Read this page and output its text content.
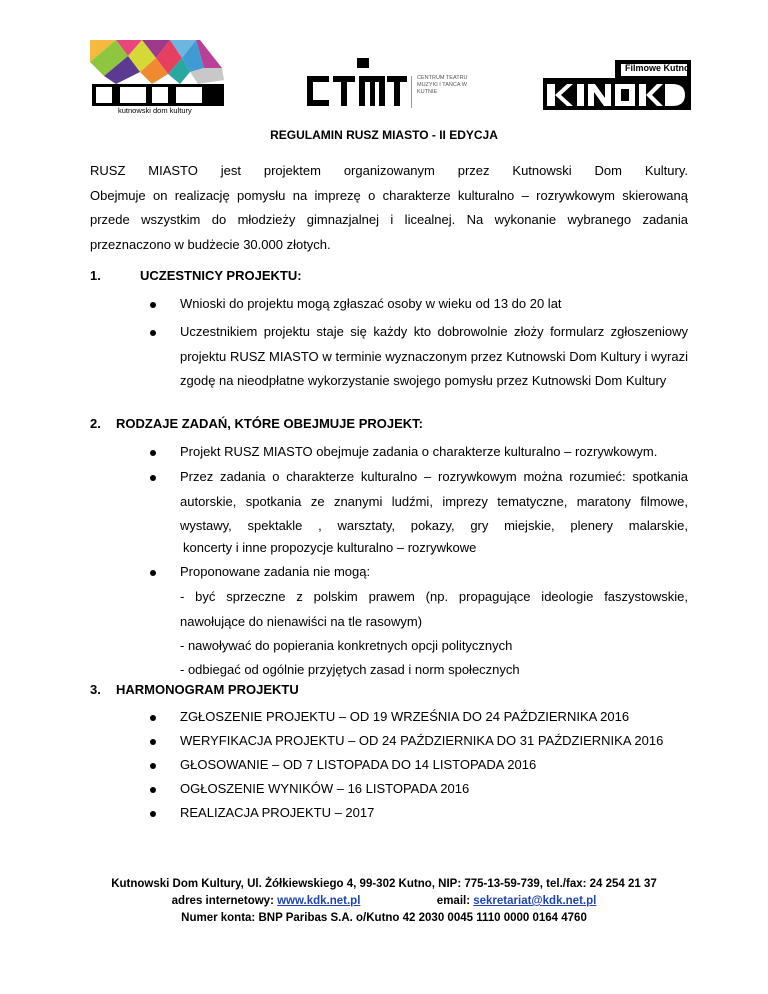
kutnowski dom kultury
CENTRUM TEATRU MUZYKI I TAŃCA W KUTNIE
Filmowe Kutno
REGULAMIN RUSZ MIASTO - II EDYCJA
RUSZ MIASTO jest projektem organizowanym przez Kutnowski Dom Kultury.

Obejmuje on realizację pomysłu na imprezę o charakterze kulturalno – rozrywkowym skierowaną przede wszystkim do młodzieży gimnazjalnej i licealnej. Na wykonanie wybranego zadania przeznaczono w budżecie 30.000 złotych.

1.	UCZESTNICY PROJEKTU:
Wnioski do projektu mogą zgłaszać osoby w wieku od 13 do 20 lat
Uczestnikiem projektu staje się każdy kto dobrowolnie złoży formularz zgłoszeniowy projektu RUSZ MIASTO w terminie wyznaczonym przez Kutnowski Dom Kultury i wyrazi zgodę na nieodpłatne wykorzystanie swojego pomysłu przez Kutnowski Dom Kultury
2. RODZAJE ZADAŃ, KTÓRE OBEJMUJE PROJEKT:
Projekt RUSZ MIASTO obejmuje zadania o charakterze kulturalno – rozrywkowym.
Przez zadania o charakterze kulturalno – rozrywkowym można rozumieć: spotkania autorskie, spotkania ze znanymi ludźmi, imprezy tematyczne, maratony filmowe, wystawy, spektakle , warsztaty, pokazy, gry miejskie, plenery malarskie,
koncerty i inne propozycje kulturalno – rozrywkowe
Proponowane zadania nie mogą:
- być sprzeczne z polskim prawem (np. propagujące ideologie faszystowskie, nawołujące do nienawiści na tle rasowym)
- nawoływać do popierania konkretnych opcji politycznych
- odbiegać od ogólnie przyjętych zasad i norm społecznych
3. HARMONOGRAM PROJEKTU
ZGŁOSZENIE PROJEKTU – OD 19 WRZEŚNIA DO 24 PAŹDZIERNIKA 2016
WERYFIKACJA PROJEKTU – OD 24 PAŹDZIERNIKA DO 31 PAŹDZIERNIKA 2016
GŁOSOWANIE – OD 7 LISTOPADA DO 14 LISTOPADA 2016
OGŁOSZENIE WYNIKÓW – 16 LISTOPADA 2016
REALIZACJA PROJEKTU – 2017
Kutnowski Dom Kultury, Ul. Żółkiewskiego 4, 99-302 Kutno, NIP: 775-13-59-739, tel./fax: 24 254 21 37
adres internetowy: www.kdk.net.pl	email: sekretariat@kdk.net.pl
Numer konta: BNP Paribas S.A. o/Kutno 42 2030 0045 1110 0000 0164 4760
